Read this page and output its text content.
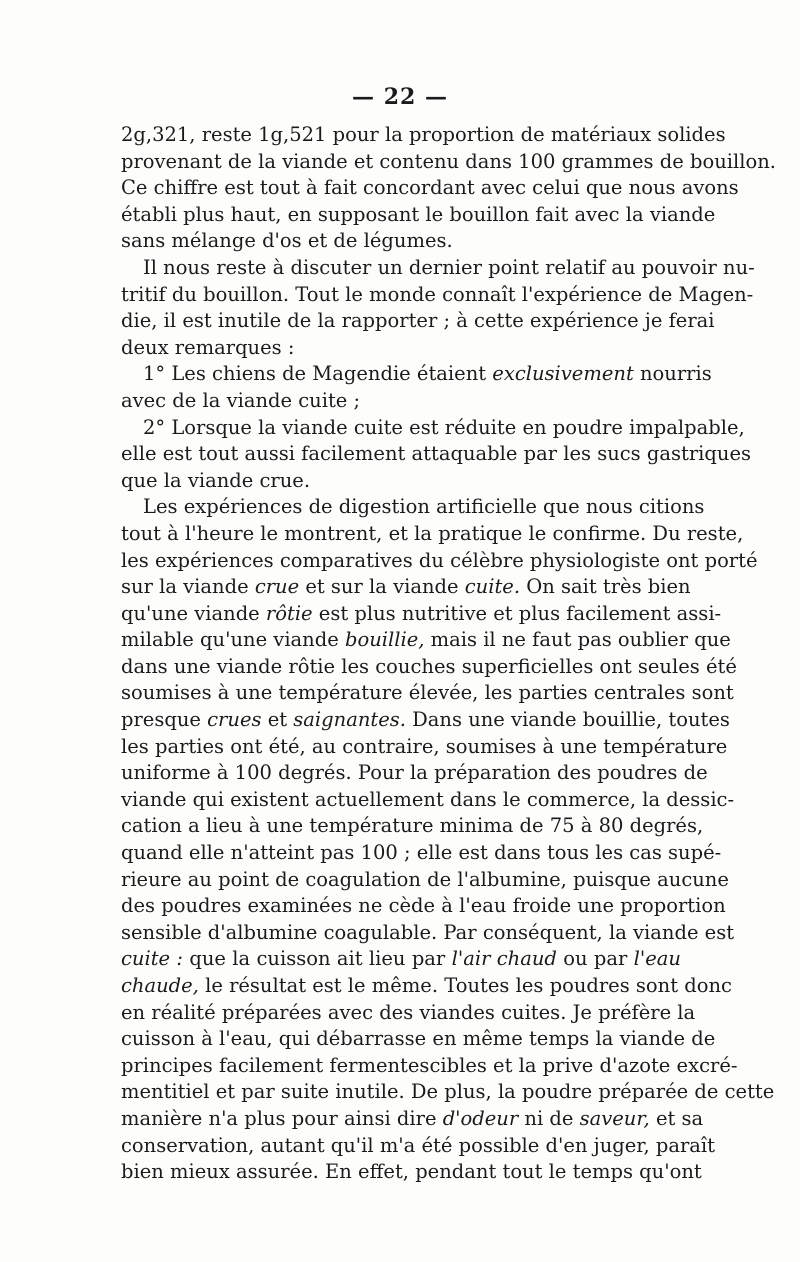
— 22 —
2g,321, reste 1g,521 pour la proportion de matériaux solides
provenant de la viande et contenu dans 100 grammes de bouillon.
Ce chiffre est tout à fait concordant avec celui que nous avons
établi plus haut, en supposant le bouillon fait avec la viande
sans mélange d'os et de légumes.
Il nous reste à discuter un dernier point relatif au pouvoir nu-
tritif du bouillon. Tout le monde connaît l'expérience de Magen-
die, il est inutile de la rapporter ; à cette expérience je ferai
deux remarques :
1° Les chiens de Magendie étaient exclusivement nourris
avec de la viande cuite ;
2° Lorsque la viande cuite est réduite en poudre impalpable,
elle est tout aussi facilement attaquable par les sucs gastriques
que la viande crue.
Les expériences de digestion artificielle que nous citions
tout à l'heure le montrent, et la pratique le confirme. Du reste,
les expériences comparatives du célèbre physiologiste ont porté
sur la viande crue et sur la viande cuite. On sait très bien
qu'une viande rôtie est plus nutritive et plus facilement assi-
milable qu'une viande bouillie, mais il ne faut pas oublier que
dans une viande rôtie les couches superficielles ont seules été
soumises à une température élevée, les parties centrales sont
presque crues et saignantes. Dans une viande bouillie, toutes
les parties ont été, au contraire, soumises à une température
uniforme à 100 degrés. Pour la préparation des poudres de
viande qui existent actuellement dans le commerce, la dessic-
cation a lieu à une température minima de 75 à 80 degrés,
quand elle n'atteint pas 100 ; elle est dans tous les cas supé-
rieure au point de coagulation de l'albumine, puisque aucune
des poudres examinées ne cède à l'eau froide une proportion
sensible d'albumine coagulable. Par conséquent, la viande est
cuite : que la cuisson ait lieu par l'air chaud ou par l'eau
chaude, le résultat est le même. Toutes les poudres sont donc
en réalité préparées avec des viandes cuites. Je préfère la
cuisson à l'eau, qui débarrasse en même temps la viande de
principes facilement fermentescibles et la prive d'azote excré-
mentitiel et par suite inutile. De plus, la poudre préparée de cette
manière n'a plus pour ainsi dire d'odeur ni de saveur, et sa
conservation, autant qu'il m'a été possible d'en juger, paraît
bien mieux assurée. En effet, pendant tout le temps qu'ont
